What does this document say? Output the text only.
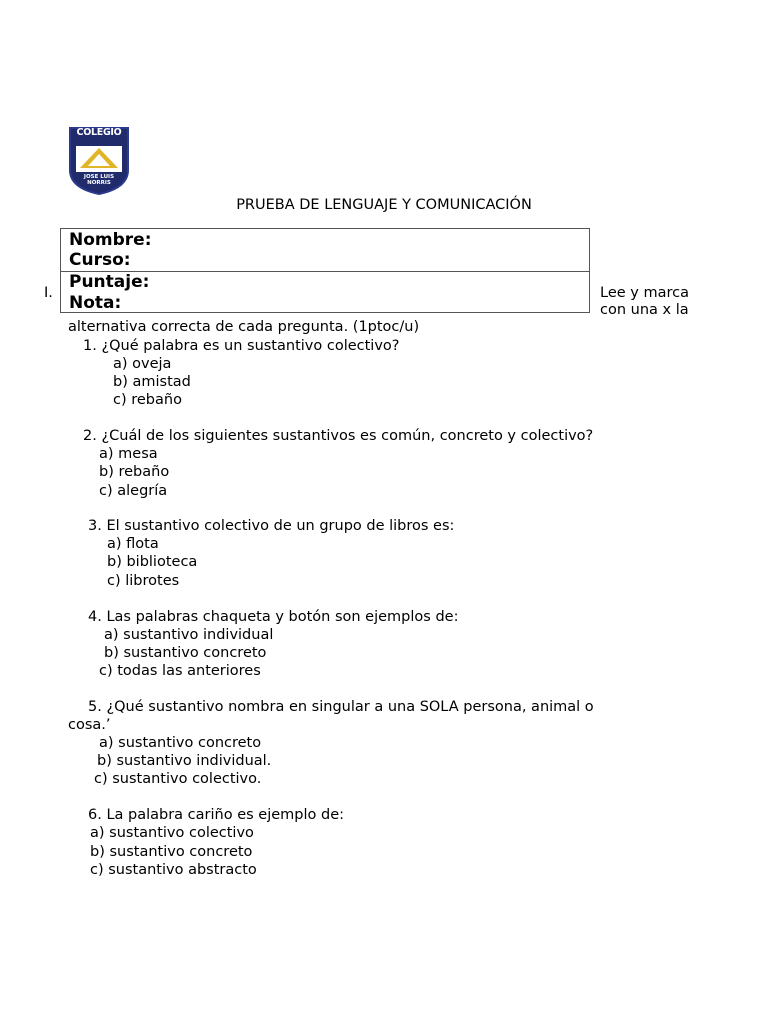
COLEGIO
JOSE LUIS
NORRIS
PRUEBA DE LENGUAJE Y COMUNICACIÓN
Nombre:
Curso:
Puntaje:
Nota:
I.	Lee y marca
con una x la
alternativa correcta de cada pregunta. (1ptoc/u)
1. ¿Qué palabra es un sustantivo colectivo?
a) oveja
b) amistad
c) rebaño
2. ¿Cuál de los siguientes sustantivos es común, concreto y colectivo?
a) mesa
b) rebaño
c) alegría
3. El sustantivo colectivo de un grupo de libros es:
a) flota
b) biblioteca
c) librotes
4. Las palabras chaqueta y botón son ejemplos de:
a) sustantivo individual
b) sustantivo concreto
c) todas las anteriores
5. ¿Qué sustantivo nombra en singular a una SOLA persona, animal o
cosa.’
a) sustantivo concreto
b) sustantivo individual.
c) sustantivo colectivo.
6. La palabra cariño es ejemplo de:
a) sustantivo colectivo
b) sustantivo concreto
c) sustantivo abstracto
